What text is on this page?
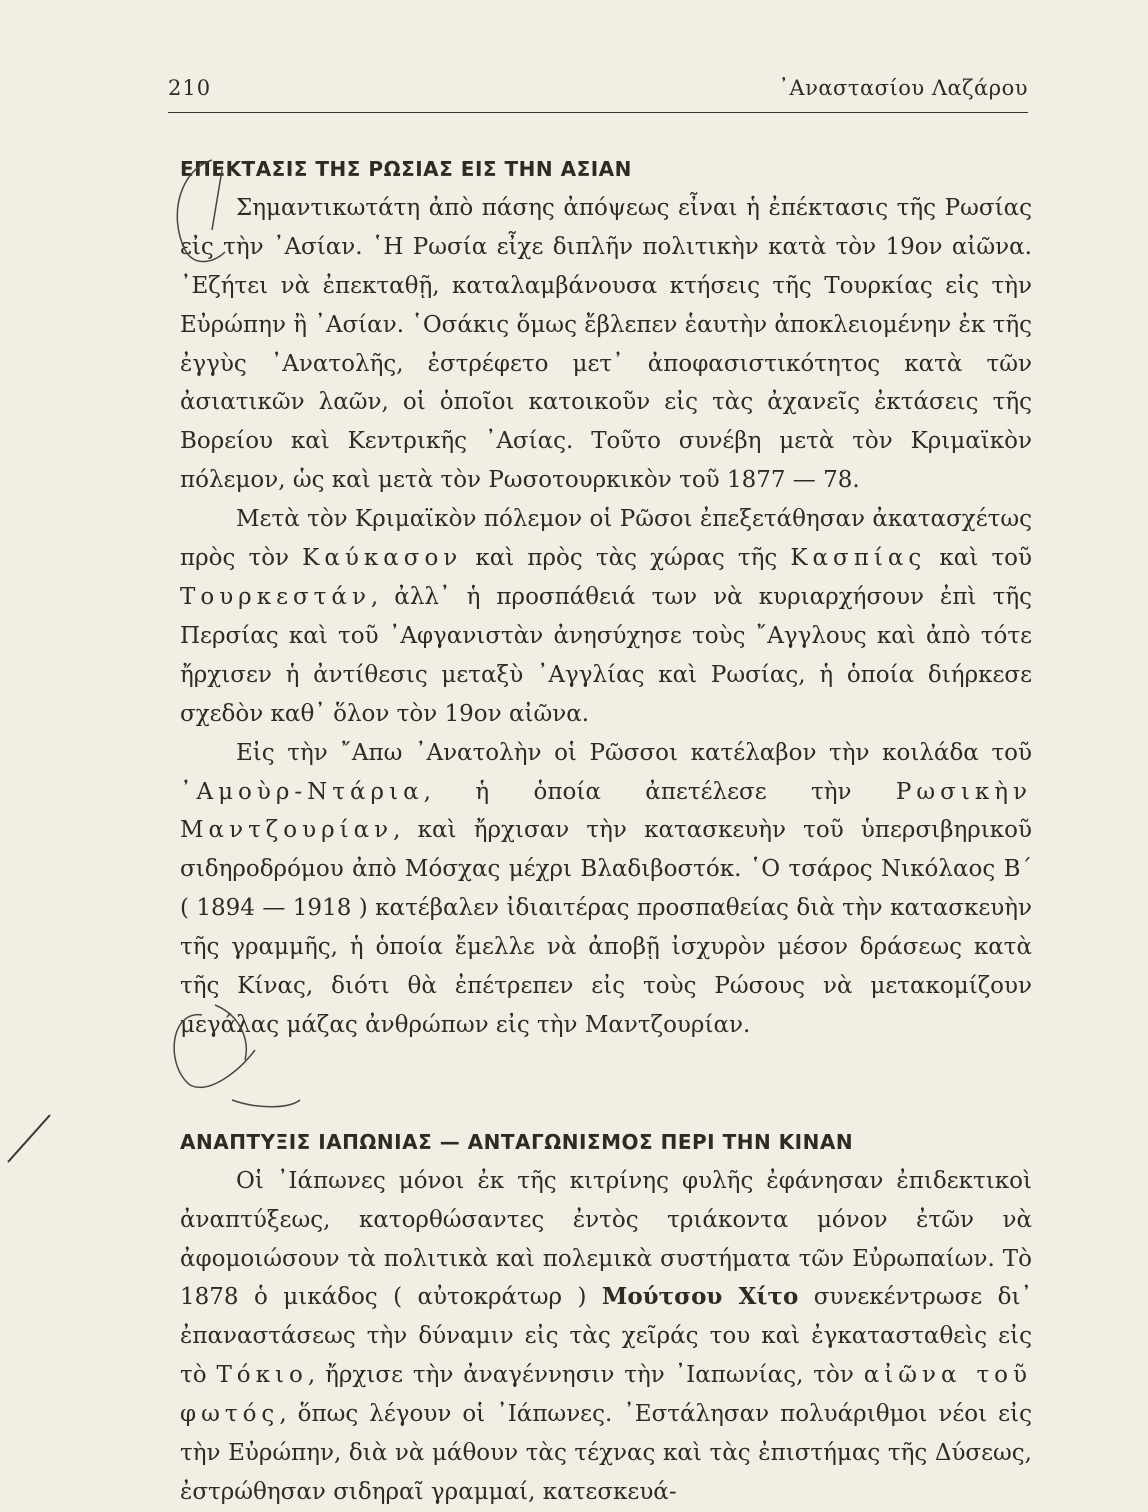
210	᾿Αναστασίου Λαζάρου
ΕΠΕΚΤΑΣΙΣ ΤΗΣ ΡΩΣΙΑΣ ΕΙΣ ΤΗΝ ΑΣΙΑΝ

Σημαντικωτάτη ἀπὸ πάσης ἀπόψεως εἶναι ἡ ἐπέκτασις τῆς Ρωσίας εἰς τὴν ᾿Ασίαν. ῾Η Ρωσία εἶχε διπλῆν πολιτικὴν κατὰ τὸν 19ον αἰῶνα. ᾿Εζήτει νὰ ἐπεκταθῇ, καταλαμβάνουσα κτήσεις τῆς Τουρκίας εἰς τὴν Εὐρώπην ἢ ᾿Ασίαν. ῾Οσάκις ὅμως ἔβλεπεν ἑαυτὴν ἀποκλειομένην ἐκ τῆς ἐγγὺς ᾿Ανατολῆς, ἐστρέφετο μετ᾿ ἀποφασιστικότητος κατὰ τῶν ἀσιατικῶν λαῶν, οἱ ὁποῖοι κατοικοῦν εἰς τὰς ἀχανεῖς ἐκτάσεις τῆς Βορείου καὶ Κεντρικῆς ᾿Ασίας. Τοῦτο συνέβη μετὰ τὸν Κριμαϊκὸν πόλεμον, ὡς καὶ μετὰ τὸν Ρωσοτουρκικὸν τοῦ 1877 — 78.

Μετὰ τὸν Κριμαϊκὸν πόλεμον οἱ Ρῶσοι ἐπεξετάθησαν ἀκατασχέτως πρὸς τὸν Καύκασον καὶ πρὸς τὰς χώρας τῆς Κασπίας καὶ τοῦ Τουρκεστάν, ἀλλ᾿ ἡ προσπάθειά των νὰ κυριαρχήσουν ἐπὶ τῆς Περσίας καὶ τοῦ ᾿Αφγανιστὰν ἀνησύχησε τοὺς ῎Αγγλους καὶ ἀπὸ τότε ἤρχισεν ἡ ἀντίθεσις μεταξὺ ᾿Αγγλίας καὶ Ρωσίας, ἡ ὁποία διήρκεσε σχεδὸν καθ᾿ ὅλον τὸν 19ον αἰῶνα.

Εἰς τὴν ῎Απω ᾿Ανατολὴν οἱ Ρῶσσοι κατέλαβον τὴν κοιλάδα τοῦ ᾿Αμοὺρ-Ντάρια, ἡ ὁποία ἀπετέλεσε τὴν Ρωσικὴν Μαντζουρίαν, καὶ ἤρχισαν τὴν κατασκευὴν τοῦ ὑπερσιβηρικοῦ σιδηροδρόμου ἀπὸ Μόσχας μέχρι Βλαδιβοστόκ. ῾Ο τσάρος Νικόλαος Β΄ ( 1894 — 1918 ) κατέβαλεν ἰδιαιτέρας προσπαθείας διὰ τὴν κατασκευὴν τῆς γραμμῆς, ἡ ὁποία ἔμελλε νὰ ἀποβῇ ἰσχυρὸν μέσον δράσεως κατὰ τῆς Κίνας, διότι θὰ ἐπέτρεπεν εἰς τοὺς Ρώσους νὰ μετακομίζουν μεγάλας μάζας ἀνθρώπων εἰς τὴν Μαντζουρίαν.

ΑΝΑΠΤΥΞΙΣ ΙΑΠΩΝΙΑΣ — ΑΝΤΑΓΩΝΙΣΜΟΣ ΠΕΡΙ ΤΗΝ ΚΙΝΑΝ

Οἱ ᾿Ιάπωνες μόνοι ἐκ τῆς κιτρίνης φυλῆς ἐφάνησαν ἐπιδεκτικοὶ ἀναπτύξεως, κατορθώσαντες ἐντὸς τριάκοντα μόνον ἐτῶν νὰ ἀφομοιώσουν τὰ πολιτικὰ καὶ πολεμικὰ συστήματα τῶν Εὐρωπαίων. Τὸ 1878 ὁ μικάδος ( αὐτοκράτωρ ) Μούτσου Χίτο συνεκέντρωσε δι᾿ ἐπαναστάσεως τὴν δύναμιν εἰς τὰς χεῖράς του καὶ ἐγκατασταθεὶς εἰς τὸ Τόκιο, ἤρχισε τὴν ἀναγέννησιν τὴν ᾿Ιαπωνίας, τὸν αἰῶνα τοῦ φωτός, ὅπως λέγουν οἱ ᾿Ιάπωνες. ᾿Εστάλησαν πολυάριθμοι νέοι εἰς τὴν Εὐρώπην, διὰ νὰ μάθουν τὰς τέχνας καὶ τὰς ἐπιστήμας τῆς Δύσεως, ἐστρώθησαν σιδηραῖ γραμμαί, κατεσκευά-
